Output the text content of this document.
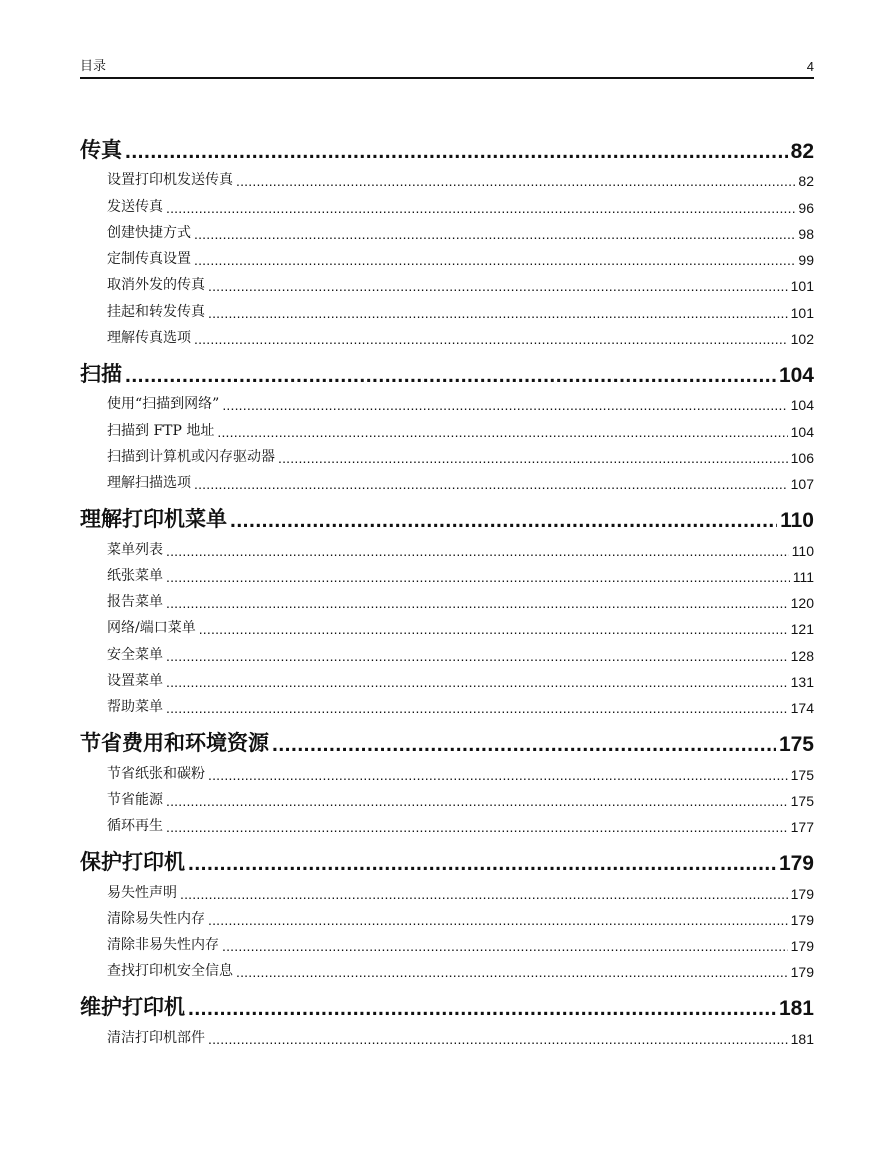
目录	4
传真 .....	82
设置打印机发送传真 .....	82
发送传真 .....	96
创建快捷方式 .....	98
定制传真设置 .....	99
取消外发的传真 .....	101
挂起和转发传真 .....	101
理解传真选项 .....	102
扫描 .....	104
使用“扫描到网络” .....	104
扫描到 FTP 地址 .....	104
扫描到计算机或闪存驱动器 .....	106
理解扫描选项 .....	107
理解打印机菜单 .....	110
菜单列表 .....	110
纸张菜单 .....	111
报告菜单 .....	120
网络/端口菜单 .....	121
安全菜单 .....	128
设置菜单 .....	131
帮助菜单 .....	174
节省费用和环境资源 .....	175
节省纸张和碳粉 .....	175
节省能源 .....	175
循环再生 .....	177
保护打印机 .....	179
易失性声明 .....	179
清除易失性内存 .....	179
清除非易失性内存 .....	179
查找打印机安全信息 .....	179
维护打印机 .....	181
清洁打印机部件 .....	181
